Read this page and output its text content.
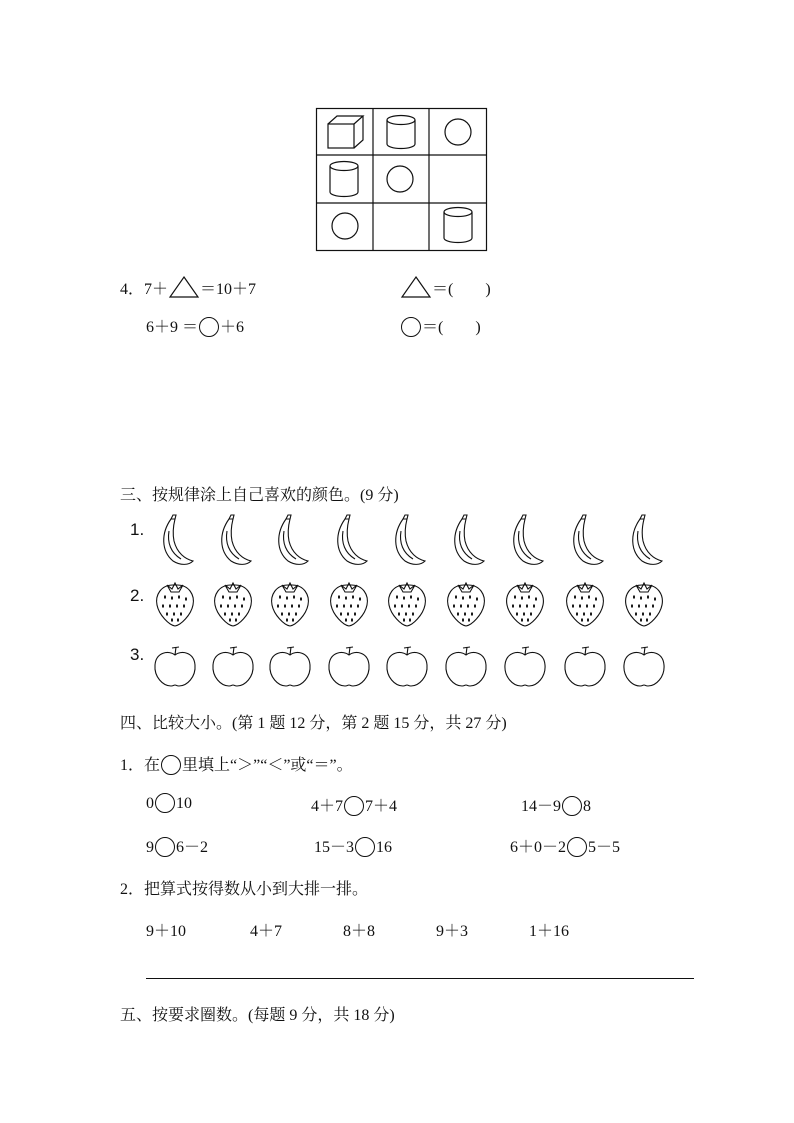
4．7＋ ＝10＋7	＝(　　)
6＋9 ＝ ＋6	＝(　　)
三、按规律涂上自己喜欢的颜色。(9 分)
1.
2.
3.
四、比较大小。(第 1 题 12 分，第 2 题 15 分，共 27 分)
1．在 里填上“＞”“＜”或“＝”。
0 10	4＋7 7＋4	14－9 8
9 6－2	15－3 16	6＋0－2 5－5
2．把算式按得数从小到大排一排。
9＋10	4＋7	8＋8	9＋3	1＋16
五、按要求圈数。(每题 9 分，共 18 分)
